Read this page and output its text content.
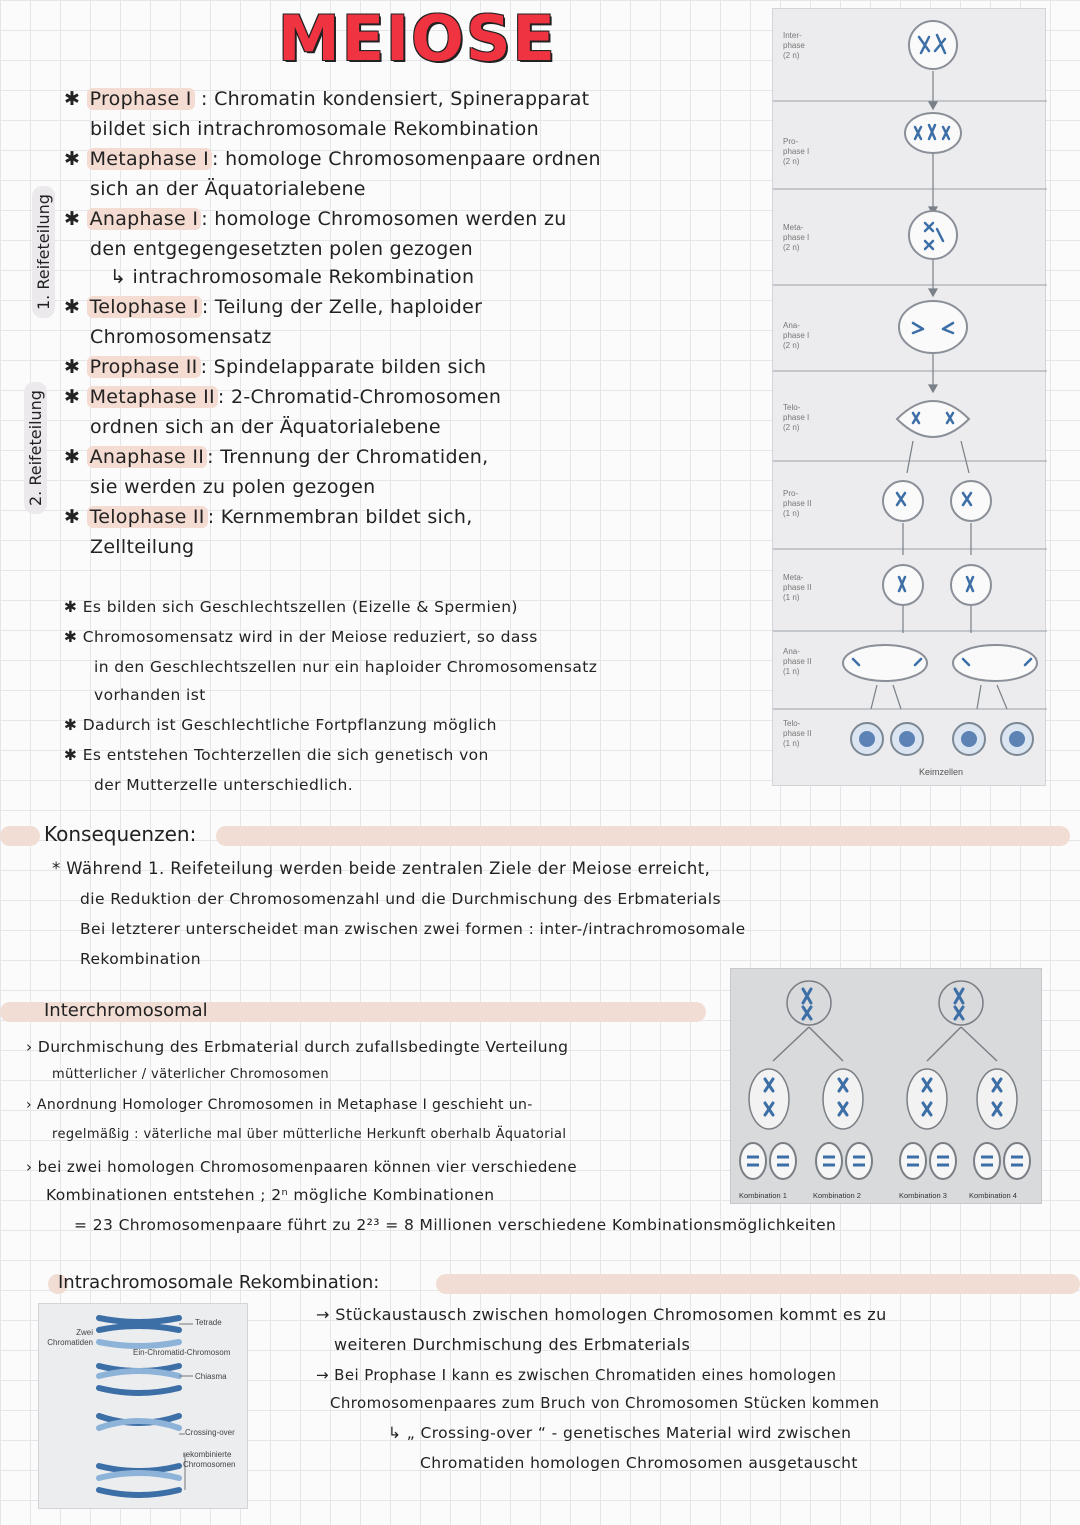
MEIOSE
1. Reifeteilung
2. Reifeteilung
✱ Prophase I : Chromatin kondensiert, Spinerapparat
bildet sich intrachromosomale Rekombination
✱ Metaphase I : homologe Chromosomenpaare ordnen
sich an der Äquatorialebene
✱ Anaphase I : homologe Chromosomen werden zu
den entgegengesetzten polen gezogen
↳ intrachromosomale Rekombination
✱ Telophase I : Teilung der Zelle, haploider
Chromosomensatz
✱ Prophase II : Spindelapparate bilden sich
✱ Metaphase II : 2-Chromatid-Chromosomen
ordnen sich an der Äquatorialebene
✱ Anaphase II : Trennung der Chromatiden,
sie werden zu polen gezogen
✱ Telophase II : Kernmembran bildet sich,
Zellteilung
✱ Es bilden sich Geschlechtszellen (Eizelle & Spermien)
✱ Chromosomensatz wird in der Meiose reduziert, so dass
in den Geschlechtszellen nur ein haploider Chromosomensatz
vorhanden ist
✱ Dadurch ist Geschlechtliche Fortpflanzung möglich
✱ Es entstehen Tochterzellen die sich genetisch von
der Mutterzelle unterschiedlich.
Inter-
phase
(2 n)
Pro-
phase I
(2 n)
Meta-
phase I
(2 n)
Ana-
phase I
(2 n)
Telo-
phase I
(2 n)
Pro-
phase II
(1 n)
Meta-
phase II
(1 n)
Ana-
phase II
(1 n)
Telo-
phase II
(1 n)
Keimzellen
Konsequenzen:
* Während 1. Reifeteilung werden beide zentralen Ziele der Meiose erreicht,
die Reduktion der Chromosomenzahl und die Durchmischung des Erbmaterials
Bei letzterer unterscheidet man zwischen zwei formen : inter-/intrachromosomale
Rekombination
Interchromosomal
› Durchmischung des Erbmaterial durch zufallsbedingte Verteilung
mütterlicher / väterlicher Chromosomen
› Anordnung Homologer Chromosomen in Metaphase I geschieht un-
regelmäßig : väterliche mal über mütterliche Herkunft oberhalb Äquatorial
› bei zwei homologen Chromosomenpaaren können vier verschiedene
Kombinationen entstehen ; 2ⁿ mögliche Kombinationen
= 23 Chromosomenpaare führt zu 2²³ = 8 Millionen verschiedene Kombinationsmöglichkeiten
Kombination 1	Kombination 2	Kombination 3	Kombination 4
Intrachromosomale Rekombination:
→ Stückaustausch zwischen homologen Chromosomen kommt es zu
weiteren Durchmischung des Erbmaterials
→ Bei Prophase I kann es zwischen Chromatiden eines homologen
Chromosomenpaares zum Bruch von Chromosomen Stücken kommen
↳ „ Crossing-over “ - genetisches Material wird zwischen
Chromatiden homologen Chromosomen ausgetauscht
Zwei
Chromatiden
Tetrade
Ein-Chromatid-Chromosom
Chiasma
Crossing-over
rekombinierte
Chromosomen
